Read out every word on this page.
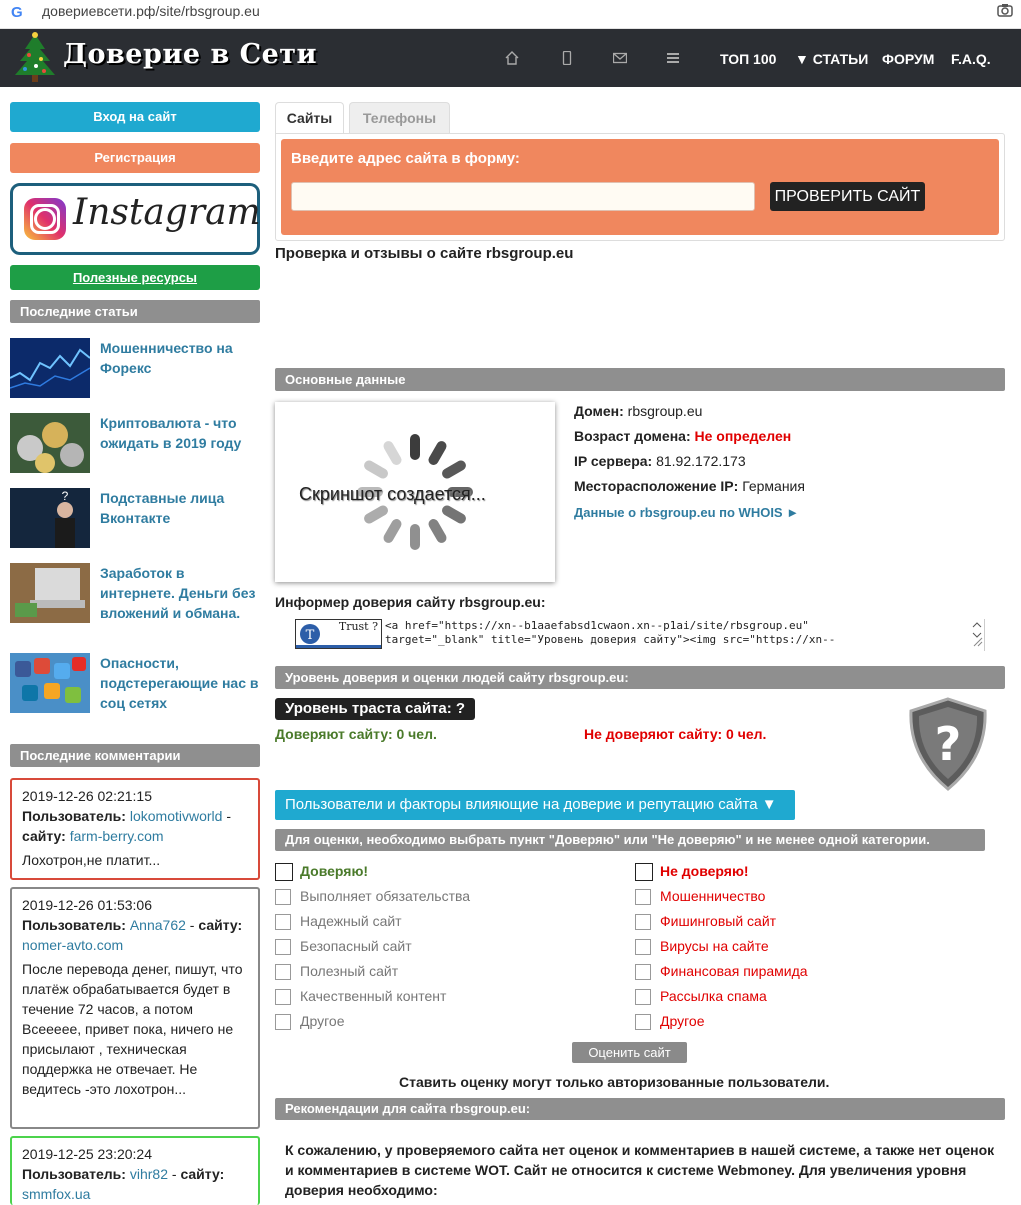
G довериевсети.рф/site/rbsgroup.eu
Доверие в Сети	ТОП 100 ▼ СТАТЬИ ФОРУМ F.A.Q.
Вход на сайт
Регистрация
Instagram
Полезные ресурсы
Последние статьи
Мошенничество на Форекс
Криптовалюта - что ожидать в 2019 году
? Подставные лица Вконтакте
Заработок в интернете. Деньги без вложений и обмана.
Опасности, подстерегающие нас в соц сетях
Последние комментарии
2019-12-26 02:21:15
Пользователь: lokomotivworld - сайту: farm-berry.com
Лохотрон,не платит...
2019-12-26 01:53:06
Пользователь: Anna762 - сайту: nomer-avto.com
После перевода денег, пишут, что платёж обрабатывается будет в течение 72 часов, а потом Всеееее, привет пока, ничего не присылают , техническая поддержка не отвечает. Не ведитесь -это лохотрон...
2019-12-25 23:20:24
Пользователь: vihr82 - сайту: smmfox.ua
Сайты	Телефоны
Введите адрес сайта в форму:
ПРОВЕРИТЬ САЙТ
Проверка и отзывы о сайте rbsgroup.eu
Основные данные
Скриншот создается...
Домен: rbsgroup.eu
Возраст домена: Не определен
IP сервера: 81.92.172.173
Месторасположение IP: Германия
Данные о rbsgroup.eu по WHOIS ►
Информер доверия сайту rbsgroup.eu:
T
Trust ? <a href="https://xn--b1aaefabsd1cwaon.xn--p1ai/site/rbsgroup.eu"
target="_blank" title="Уровень доверия сайту"><img src="https://xn--
Уровень доверия и оценки людей сайту rbsgroup.eu:
Уровень траста сайта: ?
Доверяют сайту: 0 чел.	Не доверяют сайту: 0 чел.	?
Пользователи и факторы влияющие на доверие и репутацию сайта ▼
Для оценки, необходимо выбрать пункт "Доверяю" или "Не доверяю" и не менее одной категории.
Доверяю!
Выполняет обязательства
Надежный сайт
Безопасный сайт
Полезный сайт
Качественный контент
Другое
Не доверяю!
Мошенничество
Фишинговый сайт
Вирусы на сайте
Финансовая пирамида
Рассылка спама
Другое
Оценить сайт
Ставить оценку могут только авторизованные пользователи.
Рекомендации для сайта rbsgroup.eu:
К сожалению, у проверяемого сайта нет оценок и комментариев в нашей системе, а также нет оценок и комментариев в системе WOT. Сайт не относится к системе Webmoney. Для увеличения уровня доверия необходимо:
